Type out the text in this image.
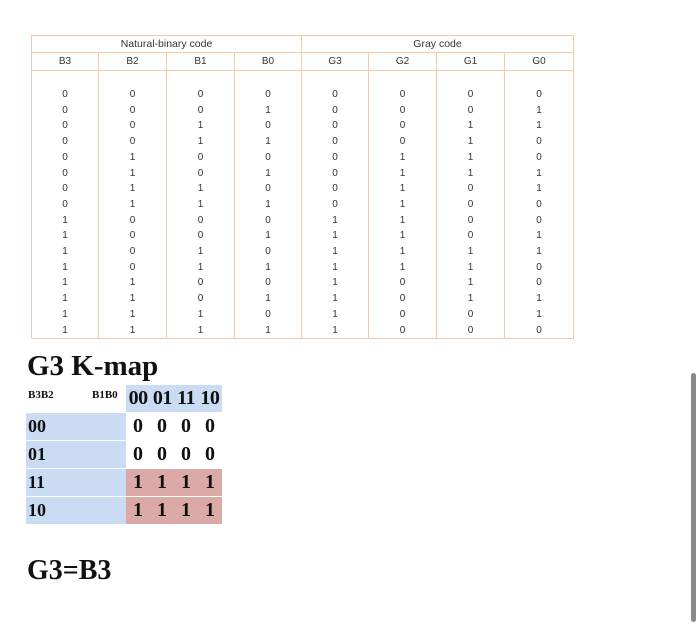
Natural-binary code				Gray code			
B3	B2	B1	B0	G3	G2	G1	G0

0	0	0	0	0	0	0	0
0	0	0	1	0	0	0	1
0	0	1	0	0	0	1	1
0	0	1	1	0	0	1	0
0	1	0	0	0	1	1	0
0	1	0	1	0	1	1	1
0	1	1	0	0	1	0	1
0	1	1	1	0	1	0	0
1	0	0	0	1	1	0	0
1	0	0	1	1	1	0	1
1	0	1	0	1	1	1	1
1	0	1	1	1	1	1	0
1	1	0	0	1	0	1	0
1	1	0	1	1	0	1	1
1	1	1	0	1	0	0	1
1	1	1	1	1	0	0	0
G3 K-map
B3B2	B1B0 00 01 11 10
00	0 0 0 0
01	0 0 0 0
11	1 1 1 1
10	1 1 1 1

G3=B3
